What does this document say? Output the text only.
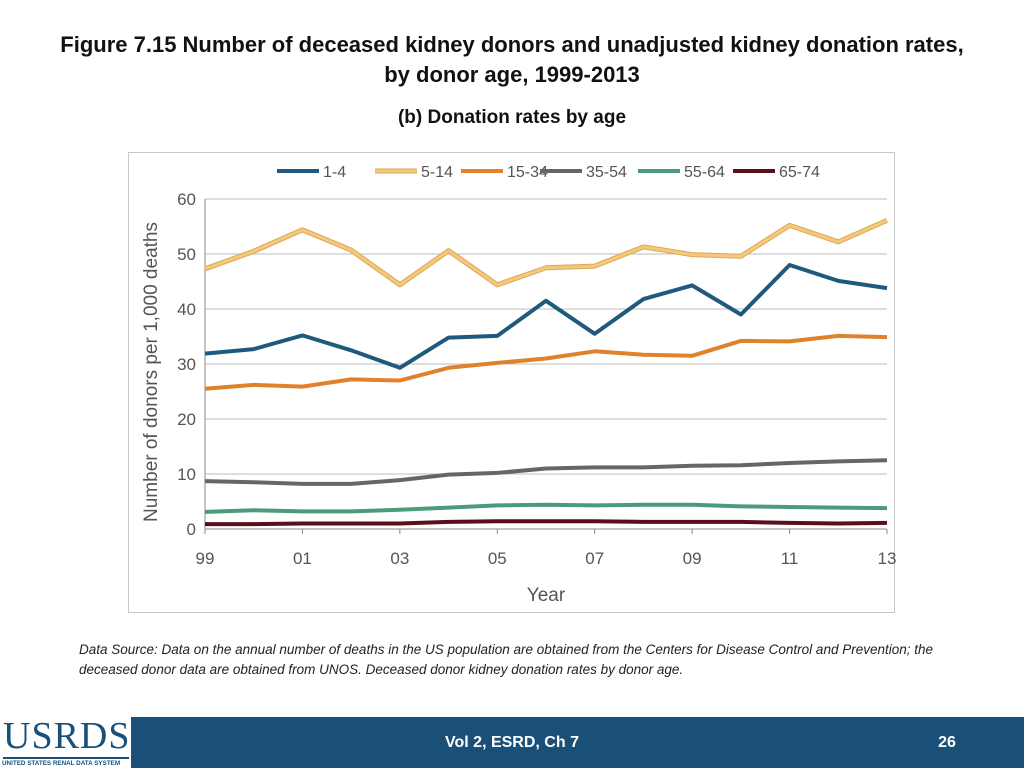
Figure 7.15 Number of deceased kidney donors and unadjusted kidney donation rates,
by donor age, 1999-2013
(b) Donation rates by age
0
10
20
30
40
50
60
99	01	03	05	07	09	11	13
Year
Number of donors per 1,000 deaths
1-4	5-14	15-34 35-54	55-64	65-74
Data Source: Data on the annual number of deaths in the US population are obtained from the Centers for Disease Control and Prevention; the deceased donor data are obtained from UNOS. Deceased donor kidney donation rates by donor age.
USRDS
UNITED STATES RENAL DATA SYSTEM
Vol 2, ESRD, Ch 7	26
